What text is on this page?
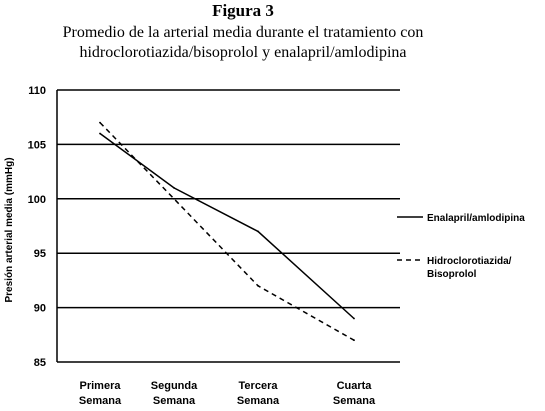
Figura 3
Promedio de la arterial media durante el tratamiento con
hidroclorotiazida/bisoprolol y enalapril/amlodipina
85
90
95
100
105
110
Presión arterial media (mmHg)
Primera
Semana
Segunda
Semana
Tercera
Semana
Cuarta
Semana
Enalapril/amlodipina
Hidroclorotiazida/
Bisoprolol
